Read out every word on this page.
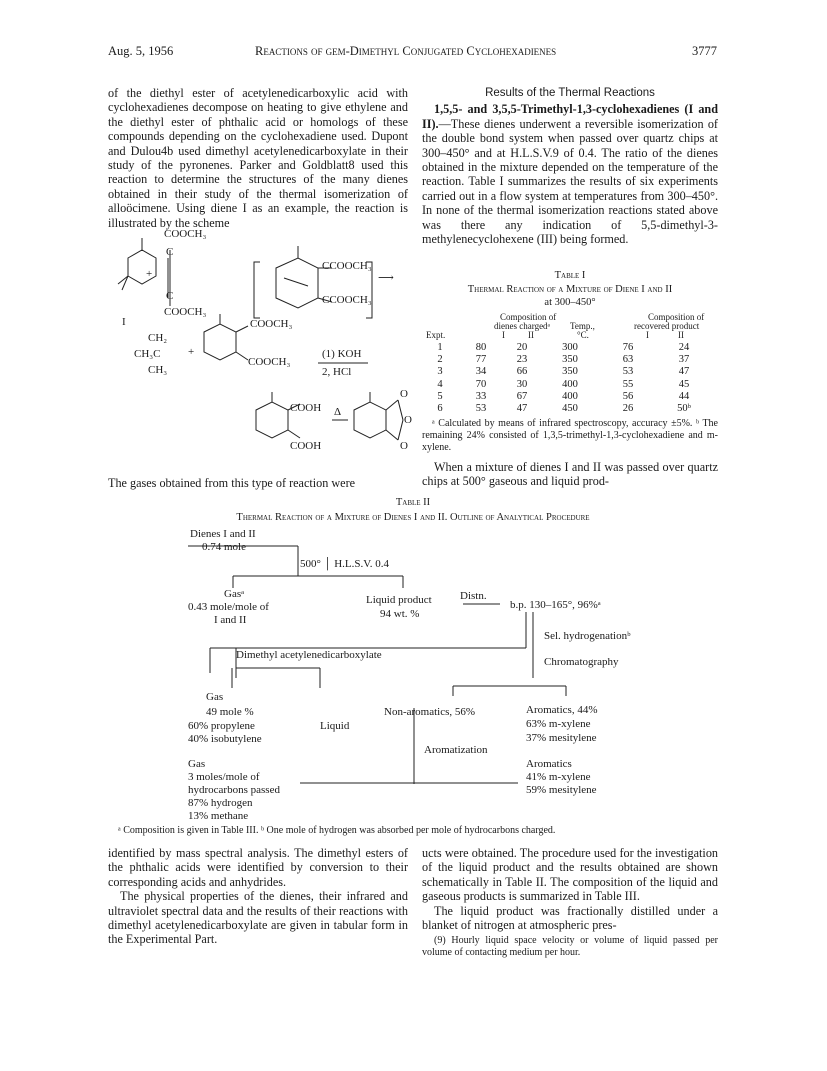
Aug. 5, 1956	Reactions of gem-Dimethyl Conjugated Cyclohexadienes	3777

of the diethyl ester of acetylenedicarboxylic acid with cyclohexadienes decompose on heating to give ethylene and the diethyl ester of phthalic acid or homologs of these compounds depending on the cyclohexadiene used. Dupont and Dulou4b used dimethyl acetylenedicarboxylate in their study of the pyronenes. Parker and Goldblatt8 used this reaction to determine the structures of the many dienes obtained in their study of the thermal isomerization of alloöcimene. Using diene I as an example, the reaction is illustrated by the scheme

COOCH₃
C
+
C
COOCH₃
I
CCOOCH₃
CCOOCH₃
⟶
CH₂
CH₃C
CH₃
+
COOCH₃
COOCH₃
(1) KOH
2, HCl
COOH
COOH
Δ
O
O
O

The gases obtained from this type of reaction were

Results of the Thermal Reactions

1,5,5- and 3,5,5-Trimethyl-1,3-cyclohexadienes (I and II).—These dienes underwent a reversible isomerization of the double bond system when passed over quartz chips at 300–450° and at H.L.S.V.9 of 0.4. The ratio of the dienes obtained in the mixture depended on the temperature of the reaction. Table I summarizes the results of six experiments carried out in a flow system at temperatures from 300–450°. In none of the thermal isomerization reactions stated above was there any indication of 5,5-dimethyl-3-methylenecyclohexene (III) being formed.

Table I
Thermal Reaction of a Mixture of Diene I and II
at 300–450°
Composition of
dienes chargedᵃ Temp.,
°C.
Composition of
recovered product
Expt.	I	II	I	II
1	80	20	300	76	24
2	77	23	350	63	37
3	34	66	350	53	47
4	70	30	400	55	45
5	33	67	400	56	44
6	53	47	450	26	50ᵇ
ᵃ Calculated by means of infrared spectroscopy, accuracy ±5%. ᵇ The remaining 24% consisted of 1,3,5-trimethyl-1,3-cyclohexadiene and m-xylene.

When a mixture of dienes I and II was passed over quartz chips at 500° gaseous and liquid prod-

Table II
Thermal Reaction of a Mixture of Dienes I and II. Outline of Analytical Procedure
Dienes I and II
0.74 mole
500° │ H.L.S.V. 0.4
Gasᵃ
0.43 mole/mole of
I and II
Liquid product
94 wt. %
Distn.
b.p. 130–165°, 96%ᵃ
Sel. hydrogenationᵇ
Dimethyl acetylenedicarboxylate
Chromatography
Gas
49 mole %
60% propylene
40% isobutylene
Liquid
Non-aromatics, 56%	Aromatics, 44%
63% m-xylene
37% mesitylene
Aromatization
Gas
3 moles/mole of
hydrocarbons passed
87% hydrogen
13% methane
Aromatics
41% m-xylene
59% mesitylene
ᵃ Composition is given in Table III. ᵇ One mole of hydrogen was absorbed per mole of hydrocarbons charged.

identified by mass spectral analysis. The dimethyl esters of the phthalic acids were identified by conversion to their corresponding acids and anhydrides.

The physical properties of the dienes, their infrared and ultraviolet spectral data and the results of their reactions with dimethyl acetylenedicarboxylate are given in tabular form in the Experimental Part.

ucts were obtained. The procedure used for the investigation of the liquid product and the results obtained are shown schematically in Table II. The composition of the liquid and gaseous products is summarized in Table III.

The liquid product was fractionally distilled under a blanket of nitrogen at atmospheric pres-

(9) Hourly liquid space velocity or volume of liquid passed per volume of contacting medium per hour.
